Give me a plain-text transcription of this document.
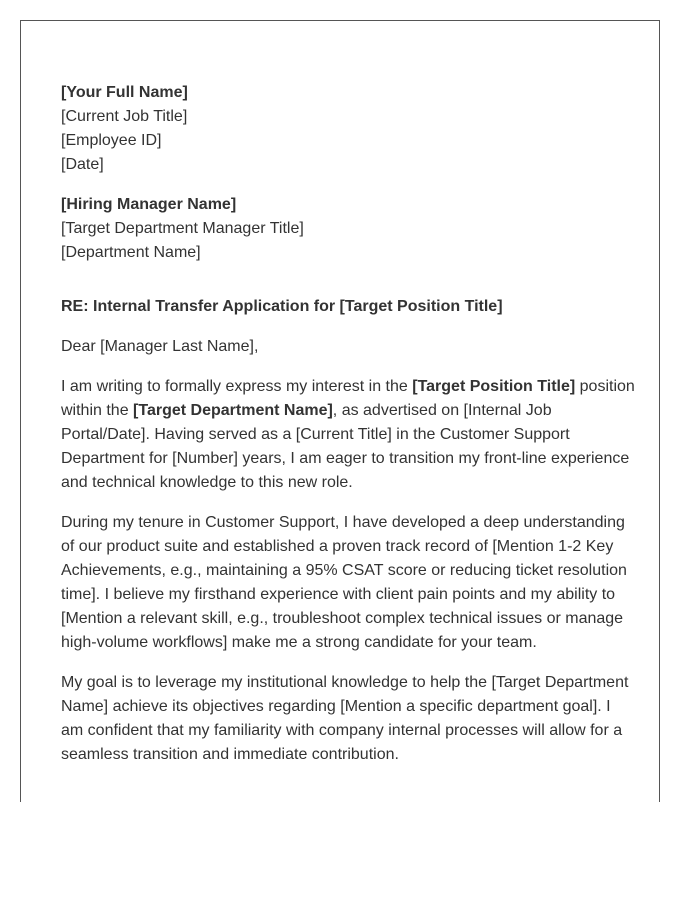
[Your Full Name]
[Current Job Title]
[Employee ID]
[Date]
[Hiring Manager Name]
[Target Department Manager Title]
[Department Name]
RE: Internal Transfer Application for [Target Position Title]
Dear [Manager Last Name],

I am writing to formally express my interest in the [Target Position Title] position within the [Target Department Name], as advertised on [Internal Job Portal/Date]. Having served as a [Current Title] in the Customer Support Department for [Number] years, I am eager to transition my front-line experience and technical knowledge to this new role.

During my tenure in Customer Support, I have developed a deep understanding of our product suite and established a proven track record of [Mention 1-2 Key Achievements, e.g., maintaining a 95% CSAT score or reducing ticket resolution time]. I believe my firsthand experience with client pain points and my ability to [Mention a relevant skill, e.g., troubleshoot complex technical issues or manage high-volume workflows] make me a strong candidate for your team.

My goal is to leverage my institutional knowledge to help the [Target Department Name] achieve its objectives regarding [Mention a specific department goal]. I am confident that my familiarity with company internal processes will allow for a seamless transition and immediate contribution.
